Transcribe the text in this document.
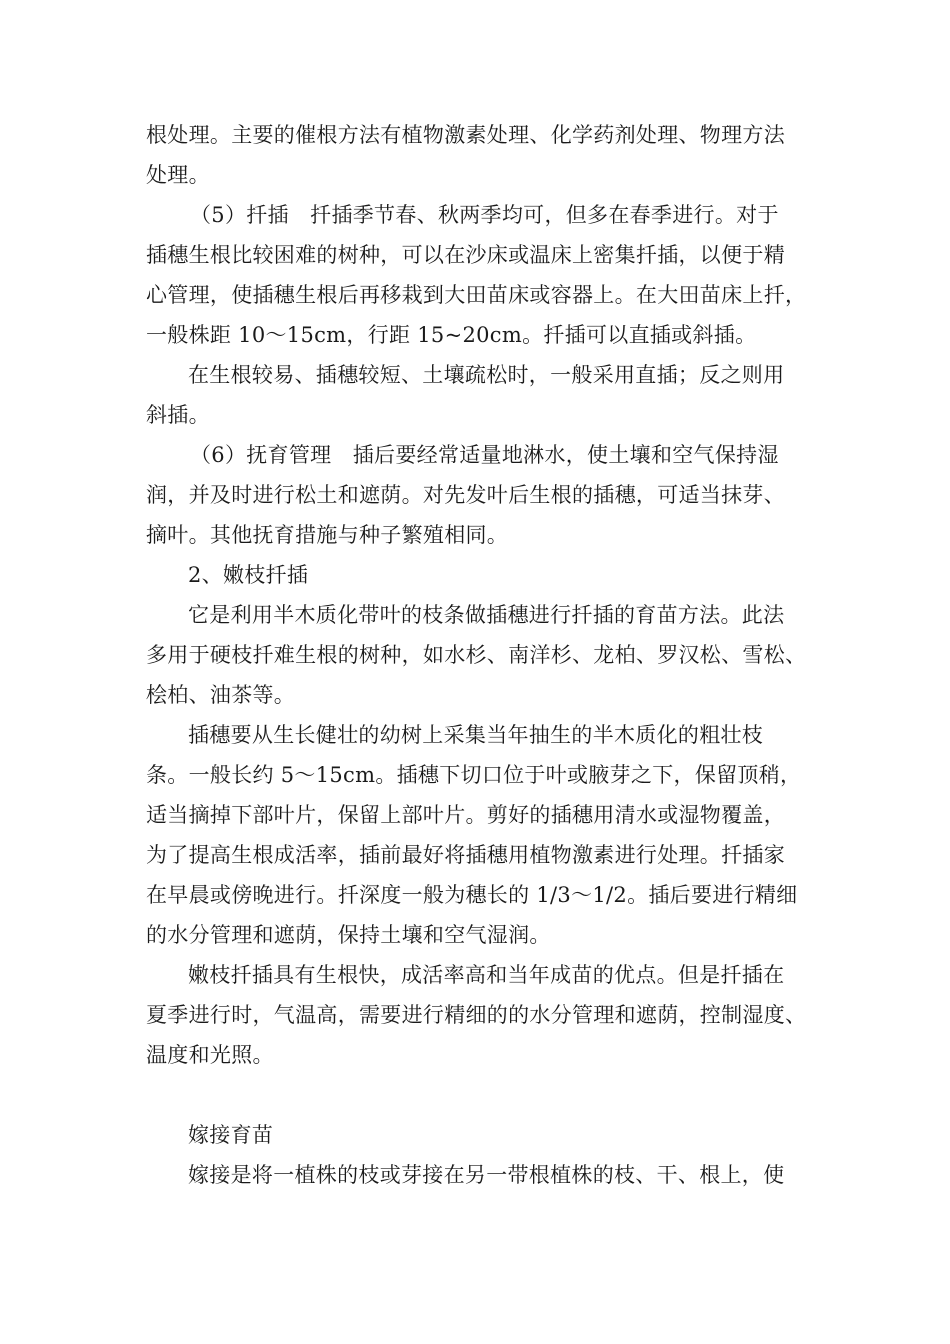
根处理。主要的催根方法有植物激素处理、化学药剂处理、物理方法
处理。
（5）扦插　扦插季节春、秋两季均可，但多在春季进行。对于
插穗生根比较困难的树种，可以在沙床或温床上密集扦插，以便于精
心管理，使插穗生根后再移栽到大田苗床或容器上。在大田苗床上扦，
一般株距 10～15cm，行距 15~20cm。扦插可以直插或斜插。
在生根较易、插穗较短、土壤疏松时，一般采用直插；反之则用
斜插。
（6）抚育管理　插后要经常适量地淋水，使土壤和空气保持湿
润，并及时进行松土和遮荫。对先发叶后生根的插穗，可适当抹芽、
摘叶。其他抚育措施与种子繁殖相同。
2、嫩枝扦插
它是利用半木质化带叶的枝条做插穗进行扦插的育苗方法。此法
多用于硬枝扦难生根的树种，如水杉、南洋杉、龙柏、罗汉松、雪松、
桧柏、油茶等。
插穗要从生长健壮的幼树上采集当年抽生的半木质化的粗壮枝
条。一般长约 5～15cm。插穗下切口位于叶或腋芽之下，保留顶稍，
适当摘掉下部叶片，保留上部叶片。剪好的插穗用清水或湿物覆盖，
为了提高生根成活率，插前最好将插穗用植物激素进行处理。扦插家
在早晨或傍晚进行。扦深度一般为穗长的 1/3～1/2。插后要进行精细
的水分管理和遮荫，保持土壤和空气湿润。
嫩枝扦插具有生根快，成活率高和当年成苗的优点。但是扦插在
夏季进行时，气温高，需要进行精细的的水分管理和遮荫，控制湿度、
温度和光照。
嫁接育苗
嫁接是将一植株的枝或芽接在另一带根植株的枝、干、根上，使
